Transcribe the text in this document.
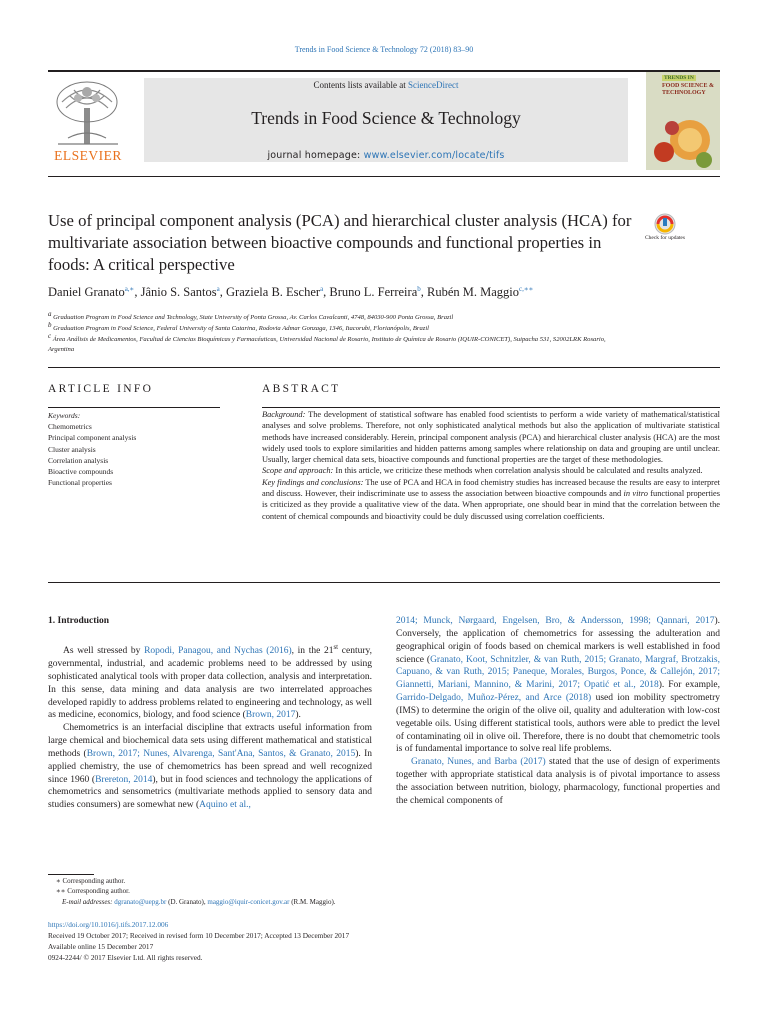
Trends in Food Science & Technology 72 (2018) 83–90
ELSEVIER
Contents lists available at ScienceDirect
Trends in Food Science & Technology
journal homepage: www.elsevier.com/locate/tifs
TRENDS IN
FOOD SCIENCE & TECHNOLOGY
Use of principal component analysis (PCA) and hierarchical cluster analysis (HCA) for multivariate association between bioactive compounds and functional properties in foods: A critical perspective
Check for updates
Daniel Granato$^{a,∗}$, Jânio S. Santos$^a$, Graziela B. Escher$^a$, Bruno L. Ferreira$^b$, Rubén M. Maggio$^{c,∗∗}$
$^a$ Graduation Program in Food Science and Technology, State University of Ponta Grossa, Av. Carlos Cavalcanti, 4748, 84030-900 Ponta Grossa, Brazil
$^b$ Graduation Program in Food Science, Federal University of Santa Catarina, Rodovia Admar Gonzaga, 1346, Itacorubi, Florianópolis, Brazil
$^c$ Área Análisis de Medicamentos, Facultad de Ciencias Bioquímicas y Farmacéuticas, Universidad Nacional de Rosario, Instituto de Química de Rosario (IQUIR-CONICET), Suipacha 531, S2002LRK Rosario, Argentina
ARTICLE INFO
Keywords:
Chemometrics
Principal component analysis
Cluster analysis
Correlation analysis
Bioactive compounds
Functional properties
ABSTRACT

Background: The development of statistical software has enabled food scientists to perform a wide variety of mathematical/statistical analyses and solve problems. Therefore, not only sophisticated analytical methods but also the application of multivariate statistical methods have increased considerably. Herein, principal component analysis (PCA) and hierarchical cluster analysis (HCA) are the most widely used tools to explore similarities and hidden patterns among samples where relationship on data and grouping are until unclear. Usually, larger chemical data sets, bioactive compounds and functional properties are the target of these methodologies.

Scope and approach: In this article, we criticize these methods when correlation analysis should be calculated and results analyzed.

Key findings and conclusions: The use of PCA and HCA in food chemistry studies has increased because the results are easy to interpret and discuss. However, their indiscriminate use to assess the association between bioactive compounds and in vitro functional properties is criticized as they provide a qualitative view of the data. When appropriate, one should bear in mind that the correlation between the content of chemical compounds and bioactivity could be duly discussed using correlation coefficients.

1. Introduction

As well stressed by Ropodi, Panagou, and Nychas (2016), in the 21st century, governmental, industrial, and academic problems need to be addressed by using sophisticated analytical tools with proper data collection, analysis and interpretation. In this sense, data mining and data analysis are two interrelated approaches developed rapidly to address problems related to engineering and technology, as well as medicine, economics, biology, and food science (Brown, 2017).

Chemometrics is an interfacial discipline that extracts useful information from large chemical and biochemical data sets using different mathematical and statistical methods (Brown, 2017; Nunes, Alvarenga, Sant'Ana, Santos, & Granato, 2015). In applied chemistry, the use of chemometrics has been spread and well recognized since 1960 (Brereton, 2014), but in food sciences and technology the applications of chemometrics and sensometrics (multivariate methods applied to sensory data and studies consumers) are somewhat new (Aquino et al.,

2014; Munck, Nørgaard, Engelsen, Bro, & Andersson, 1998; Qannari, 2017). Conversely, the application of chemometrics for assessing the adulteration and geographical origin of foods based on chemical markers is well established in food science (Granato, Koot, Schnitzler, & van Ruth, 2015; Granato, Margraf, Brotzakis, Capuano, & van Ruth, 2015; Paneque, Morales, Burgos, Ponce, & Callejón, 2017; Giannetti, Mariani, Mannino, & Marini, 2017; Opatić et al., 2018). For example, Garrido-Delgado, Muñoz-Pérez, and Arce (2018) used ion mobility spectrometry (IMS) to determine the origin of the olive oil, quality and adulteration with low-cost vegetable oils. Using different statistical tools, authors were able to predict the level of contaminating oil in olive oil. Therefore, there is no doubt that chemometric tools is of fundamental importance to solve real life problems.

Granato, Nunes, and Barba (2017) stated that the use of design of experiments together with appropriate statistical data analysis is of pivotal importance to assess the association between nutrition, biology, pharmacology, functional properties and the chemical components of

∗ Corresponding author.
∗∗ Corresponding author.
E-mail addresses: dgranato@uepg.br (D. Granato), maggio@iquir-conicet.gov.ar (R.M. Maggio).
https://doi.org/10.1016/j.tifs.2017.12.006
Received 19 October 2017; Received in revised form 10 December 2017; Accepted 13 December 2017
Available online 15 December 2017
0924-2244/ © 2017 Elsevier Ltd. All rights reserved.
